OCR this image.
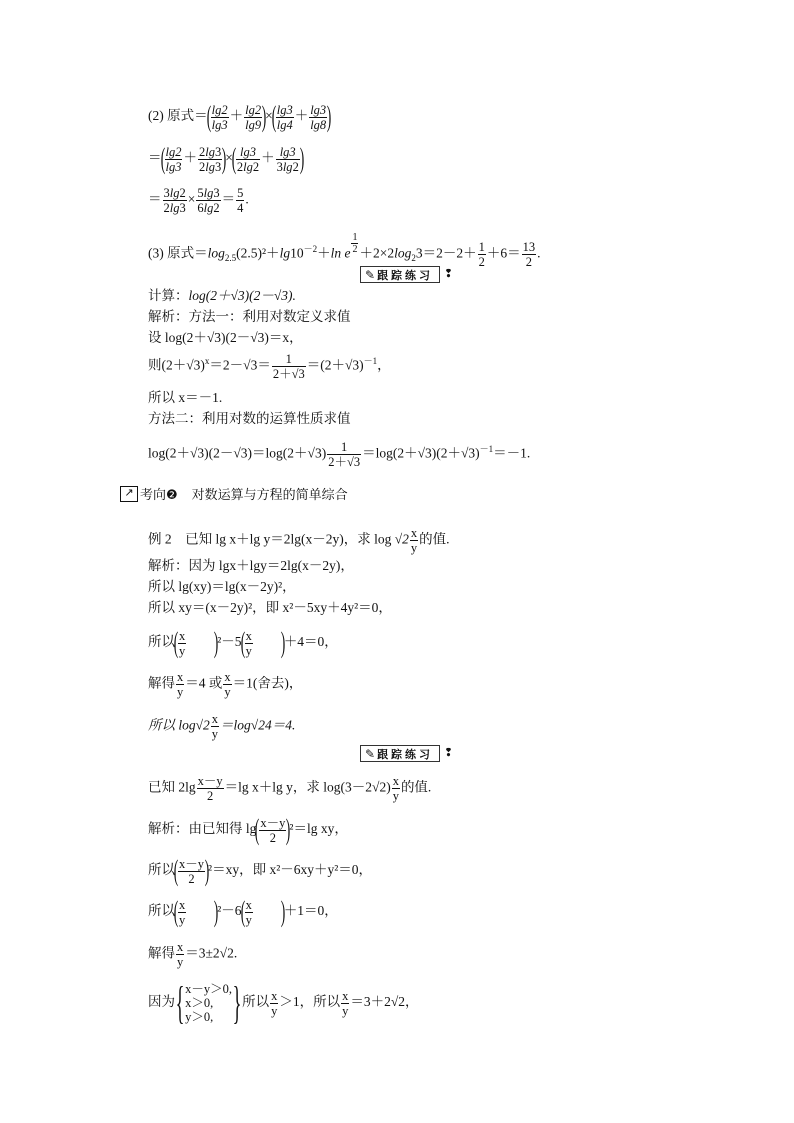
(2) 原式＝( $\frac{\lg 2}{\lg 3} + \frac{\lg 2}{\lg 9}$ )×( $\frac{\lg 3}{\lg 4} + \frac{\lg 3}{\lg 8}$ )
＝( $\frac{\lg 2}{\lg 3} + \frac{2\lg 3}{2\lg 3}$ )×( $\frac{\lg 3}{2\lg 2} + \frac{\lg 3}{3\lg 2}$ )
＝ $\frac{3\lg 2}{2\lg 3} \times \frac{5\lg 3}{6\lg 2} = \frac{5}{4}$ .
(3) 原式$=\log_{2.5}(2.5)^2+\lg 10^{-2}+\ln$ e $\frac{1}{2} +2\times 2\log_23=2-2+ \frac{1}{2} +6= \frac{13}{2}$ .
✎ 跟踪练习 ❢
计算：log(2＋√3)(2－√3).
解析：方法一：利用对数定义求值
设 log(2＋√3)(2－√3)＝x，
则$(2+√3)^x=2-√3= \frac{1}{2+√3} =(2+√3)^{-1}$，
所以 x＝－1.
方法二：利用对数的运算性质求值
$\log(2+√3)(2-√3)=\log(2+√3) \frac{1}{2+√3} =\log(2+√3)(2+√3)^{-1}=-1$.
↗ 考向❷ 对数运算与方程的简单综合
例 2　已知 lg x＋lg y＝2lg(x－2y)，求 $\log √2 \frac{x}{y}$ 的值.
解析：因为 lgx＋lgy＝2lg(x－2y)，
所以 lg(xy)＝lg(x－2y)²，
所以 xy＝(x－2y)²，即 x²－5xy＋4y²＝0，
所以( $\frac{x}{y} )^2-5( \frac{x}{y} )+4=0$，
解得 $\frac{x}{y} =4$ 或 $\frac{x}{y} =1$(舍去)，
所以 $\log√2 \frac{x}{y} =\log√24=4$.
✎ 跟踪练习 ❢
已知 $2\lg \frac{x-y}{2} =\lg$ x＋lg y，求 $\log(3-2√2) \frac{x}{y}$ 的值.
解析：由已知得 $\lg( \frac{x-y}{2} )^2=\lg$ xy，
所以( $\frac{x-y}{2} )^2=xy$，即 x²－6xy＋y²＝0，
所以( $\frac{x}{y} )^2-6( \frac{x}{y} )+1=0$，
解得 $\frac{x}{y} =3\pm 2√2$.
因为 { x－y＞0,
x＞0,
y＞0, } 所以 $\frac{x}{y} >1$，所以 $\frac{x}{y} =3+2√2$，
